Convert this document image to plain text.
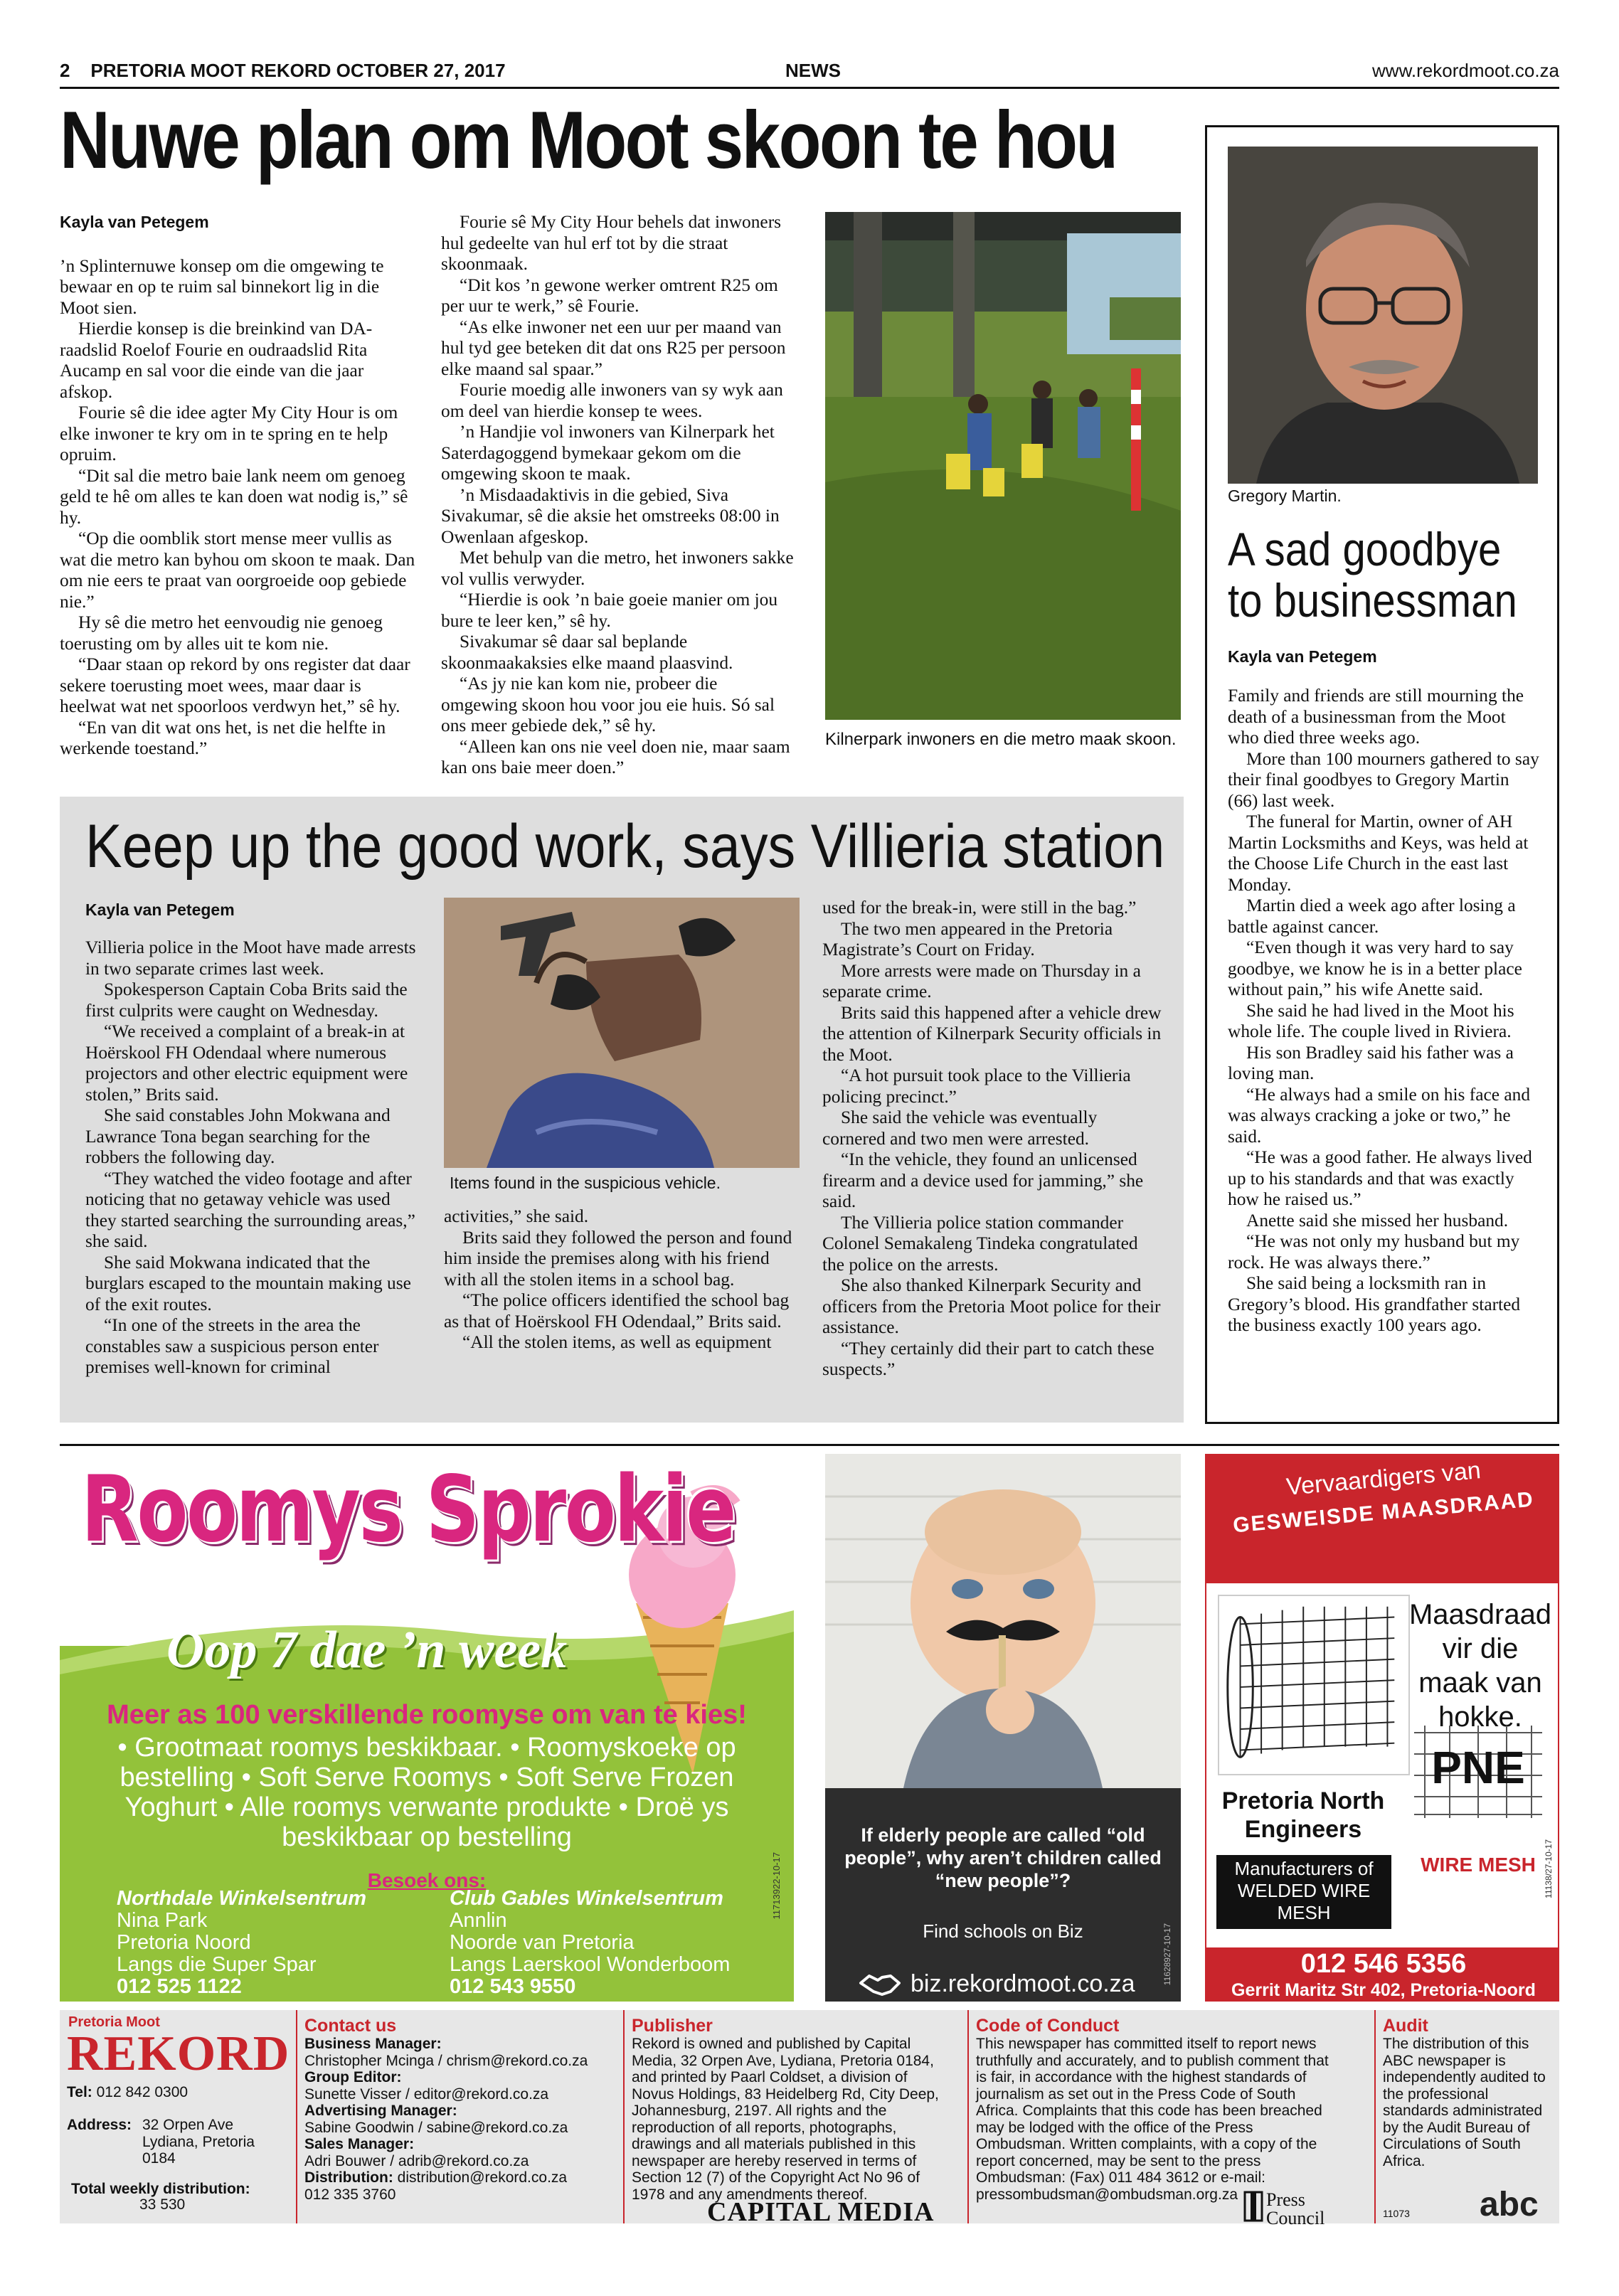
2    PRETORIA MOOT REKORD OCTOBER 27, 2017	NEWS	www.rekordmoot.co.za
Nuwe plan om Moot skoon te hou
Kayla van Petegem

’n Splinternuwe konsep om die omgewing te bewaar en op te ruim sal binnekort lig in die Moot sien.

Hierdie konsep is die breinkind van DA-raadslid Roelof Fourie en oudraadslid Rita Aucamp en sal voor die einde van die jaar afskop.

Fourie sê die idee agter My City Hour is om elke inwoner te kry om in te spring en te help opruim.

“Dit sal die metro baie lank neem om genoeg geld te hê om alles te kan doen wat nodig is,” sê hy.

“Op die oomblik stort mense meer vullis as wat die metro kan byhou om skoon te maak. Dan om nie eers te praat van oorgroeide oop gebiede nie.”

Hy sê die metro het eenvoudig nie genoeg toerusting om by alles uit te kom nie.

“Daar staan op rekord by ons register dat daar sekere toerusting moet wees, maar daar is heelwat wat net spoorloos verdwyn het,” sê hy.

“En van dit wat ons het, is net die helfte in werkende toestand.”

Fourie sê My City Hour behels dat inwoners hul gedeelte van hul erf tot by die straat skoonmaak.

“Dit kos ’n gewone werker omtrent R25 om per uur te werk,” sê Fourie.

“As elke inwoner net een uur per maand van hul tyd gee beteken dit dat ons R25 per persoon elke maand sal spaar.”

Fourie moedig alle inwoners van sy wyk aan om deel van hierdie konsep te wees.

’n Handjie vol inwoners van Kilnerpark het Saterdagoggend bymekaar gekom om die omgewing skoon te maak.

’n Misdaadaktivis in die gebied, Siva Sivakumar, sê die aksie het omstreeks 08:00 in Owenlaan afgeskop.

Met behulp van die metro, het inwoners sakke vol vullis verwyder.

“Hierdie is ook ’n baie goeie manier om jou bure te leer ken,” sê hy.

Sivakumar sê daar sal beplande skoonmaakaksies elke maand plaasvind.

“As jy nie kan kom nie, probeer die omgewing skoon hou voor jou eie huis. Só sal ons meer gebiede dek,” sê hy.

“Alleen kan ons nie veel doen nie, maar saam kan ons baie meer doen.”

Kilnerpark inwoners en die metro maak skoon.
Gregory Martin.
A sad goodbye
to businessman
Kayla van Petegem

Family and friends are still mourning the death of a businessman from the Moot who died three weeks ago.

More than 100 mourners gathered to say their final goodbyes to Gregory Martin (66) last week.

The funeral for Martin, owner of AH Martin Locksmiths and Keys, was held at the Choose Life Church in the east last Monday.

Martin died a week ago after losing a battle against cancer.

“Even though it was very hard to say goodbye, we know he is in a better place without pain,” his wife Anette said.

She said he had lived in the Moot his whole life. The couple lived in Riviera.

His son Bradley said his father was a loving man.

“He always had a smile on his face and was always cracking a joke or two,” he said.

“He was a good father. He always lived up to his standards and that was exactly how he raised us.”

Anette said she missed her husband.

“He was not only my husband but my rock. He was always there.”

She said being a locksmith ran in Gregory’s blood. His grandfather started the business exactly 100 years ago.

Keep up the good work, says Villieria station
Kayla van Petegem

Villieria police in the Moot have made arrests in two separate crimes last week.

Spokesperson Captain Coba Brits said the first culprits were caught on Wednesday.

“We received a complaint of a break-in at Hoërskool FH Odendaal where numerous projectors and other electric equipment were stolen,” Brits said.

She said constables John Mokwana and Lawrance Tona began searching for the robbers the following day.

“They watched the video footage and after noticing that no getaway vehicle was used they started searching the surrounding areas,” she said.

She said Mokwana indicated that the burglars escaped to the mountain making use of the exit routes.

“In one of the streets in the area the constables saw a suspicious person enter premises well-known for criminal

Items found in the suspicious vehicle.

activities,” she said.

Brits said they followed the person and found him inside the premises along with his friend with all the stolen items in a school bag.

“The police officers identified the school bag as that of Hoërskool FH Odendaal,” Brits said.

“All the stolen items, as well as equipment

used for the break-in, were still in the bag.”

The two men appeared in the Pretoria Magistrate’s Court on Friday.

More arrests were made on Thursday in a separate crime.

Brits said this happened after a vehicle drew the attention of Kilnerpark Security officials in the Moot.

“A hot pursuit took place to the Villieria policing precinct.”

She said the vehicle was eventually cornered and two men were arrested.

“In the vehicle, they found an unlicensed firearm and a device used for jamming,” she said.

The Villieria police station commander Colonel Semakaleng Tindeka congratulated the police on the arrests.

She also thanked Kilnerpark Security and officers from the Pretoria Moot police for their assistance.

“They certainly did their part to catch these suspects.”

Roomys Sprokie
Oop 7 dae ’n week
Meer as 100 verskillende roomyse om van te kies!
• Grootmaat roomys beskikbaar. • Roomyskoeke op bestelling • Soft Serve Roomys • Soft Serve Frozen Yoghurt • Alle roomys verwante produkte • Droë ys beskikbaar op bestelling
Besoek ons:
Northdale Winkelsentrum
Nina Park
Pretoria Noord
Langs die Super Spar
012 525 1122
Club Gables Winkelsentrum
Annlin
Noorde van Pretoria
Langs Laerskool Wonderboom
012 543 9550
11713922-10-17
If elderly people are called “old people”, why aren’t children called “new people”?
Find schools on Biz
biz.rekordmoot.co.za	11628927-10-17
Vervaardigers van
GESWEISDE MAASDRAAD
Maasdraad vir die maak van hokke.
PNE
WIRE MESH
Pretoria North Engineers
Manufacturers of WELDED WIRE MESH
012 546 5356
Gerrit Maritz Str 402, Pretoria-Noord
11138/27-10-17
Pretoria Moot
REKORD
Tel: 012 842 0300
Address: 32 Orpen Ave
Lydiana, Pretoria
0184
Total weekly distribution:
33 530
Contact us
Business Manager:
Christopher Mcinga / chrism@rekord.co.za
Group Editor:
Sunette Visser / editor@rekord.co.za
Advertising Manager:
Sabine Goodwin / sabine@rekord.co.za
Sales Manager:
Adri Bouwer / adrib@rekord.co.za
Distribution: distribution@rekord.co.za
012 335 3760
Publisher
Rekord is owned and published by Capital Media, 32 Orpen Ave, Lydiana, Pretoria 0184, and printed by Paarl Coldset, a division of Novus Holdings, 83 Heidelberg Rd, City Deep, Johannesburg, 2197. All rights and the reproduction of all reports, photographs, drawings and all materials published in this newspaper are hereby reserved in terms of Section 12 (7) of the Copyright Act No 96 of 1978 and any amendments thereof.
CAPITAL MEDIA
Code of Conduct
This newspaper has committed itself to report news truthfully and accurately, and to publish comment that is fair, in accordance with the highest standards of journalism as set out in the Press Code of South Africa. Complaints that this code has been breached may be lodged with the office of the Press Ombudsman. Written complaints, with a copy of the report concerned, may be sent to the press Ombudsman: (Fax) 011 484 3612 or e-mail: pressombudsman@ombudsman.org.za	Press
Council
Audit
The distribution of this ABC newspaper is independently audited to the professional standards administrated by the Audit Bureau of Circulations of South Africa.
abc
11073
